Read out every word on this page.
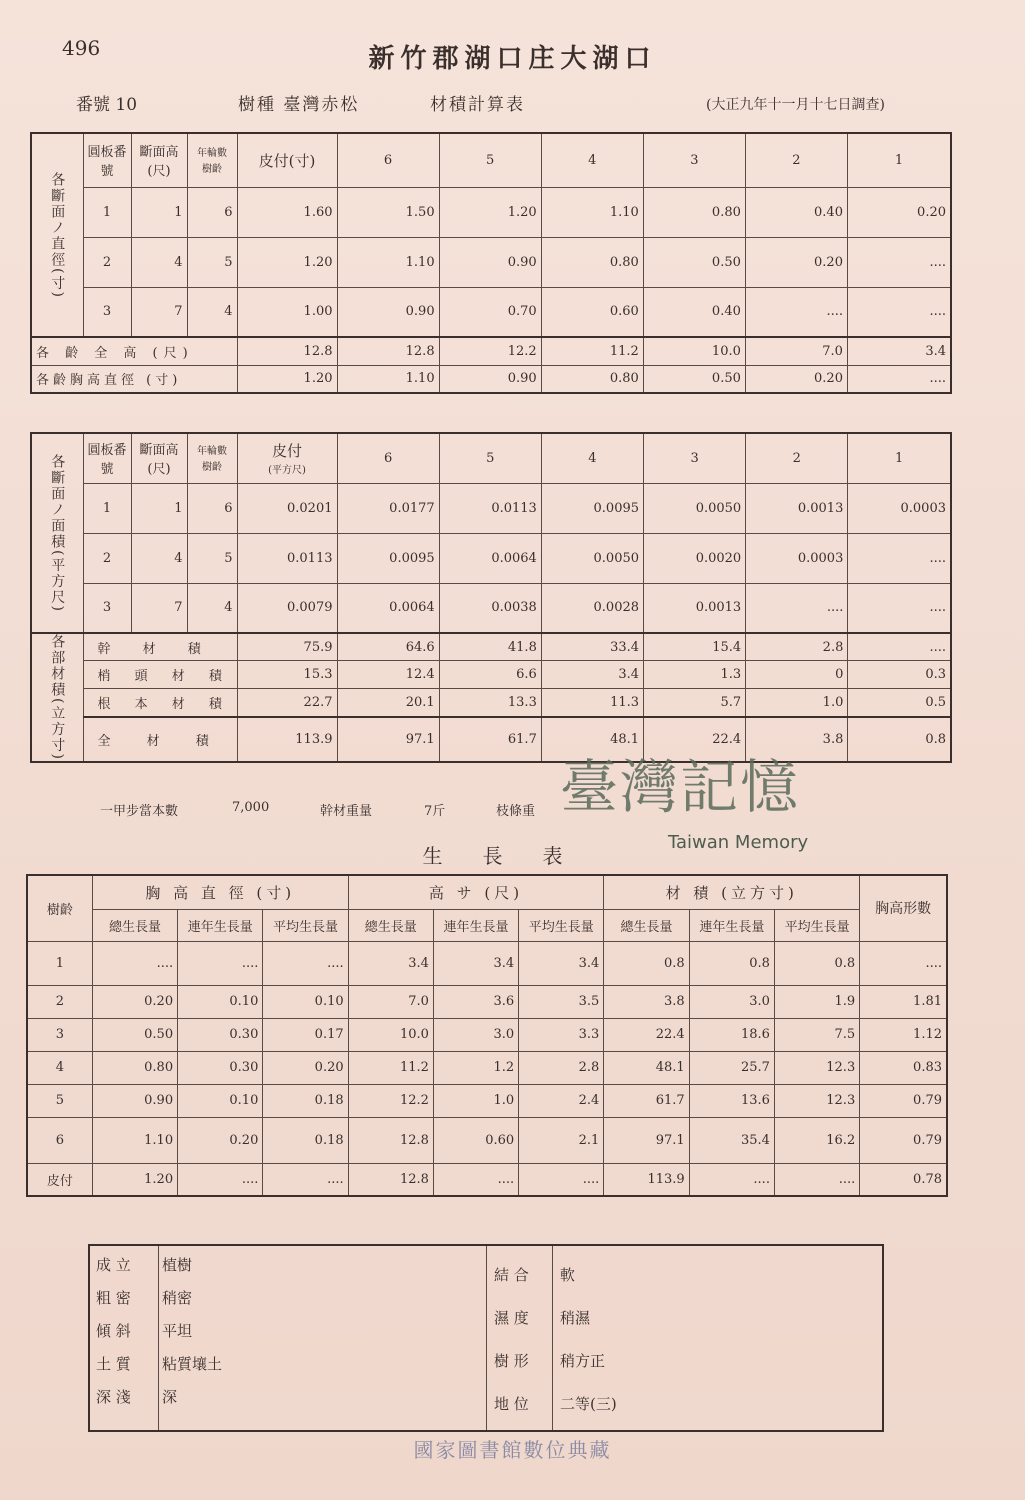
496	新竹郡湖口庄大湖口
番號 10	樹種 臺灣赤松	材積計算表	(大正九年十一月十七日調查)
各斷面ノ直徑(寸)	圓板番號	斷面高(尺)	年輪數
樹齡	皮付(寸)	6	5	4	3	2	1
	1	1	6	1.60	1.50	1.20	1.10	0.80	0.40	0.20
	2	4	5	1.20	1.10	0.90	0.80	0.50	0.20	....
	3	7	4	1.00	0.90	0.70	0.60	0.40	....	....
各 齡 全 高 (尺)				12.8	12.8	12.2	11.2	10.0	7.0	3.4
各齡胸高直徑 (寸)				1.20	1.10	0.90	0.80	0.50	0.20	....
各斷面ノ面積(平方尺)	圓板番號	斷面高(尺)	年輪數
樹齡	皮付
(平方尺)	6	5	4	3	2	1
	1	1	6	0.0201	0.0177	0.0113	0.0095	0.0050	0.0013	0.0003
	2	4	5	0.0113	0.0095	0.0064	0.0050	0.0020	0.0003	....
	3	7	4	0.0079	0.0064	0.0038	0.0028	0.0013	....	....
各部材積(立方寸)	幹 材 積			75.9	64.6	41.8	33.4	15.4	2.8	....
	梢 頭 材 積			15.3	12.4	6.6	3.4	1.3	0	0.3
	根 本 材 積			22.7	20.1	13.3	11.3	5.7	1.0	0.5
	全 材 積			113.9	97.1	61.7	48.1	22.4	3.8	0.8
一甲步當本數	7,000	幹材重量	7斤	枝條重 臺灣記憶
Taiwan Memory
生長表
樹齡	胸 高 直 徑 (寸)			高 サ (尺)			材 積 (立方寸)			胸高形數
	總生長量	連年生長量	平均生長量	總生長量	連年生長量	平均生長量	總生長量	連年生長量	平均生長量	
1	....	....	....	3.4	3.4	3.4	0.8	0.8	0.8	....
2	0.20	0.10	0.10	7.0	3.6	3.5	3.8	3.0	1.9	1.81
3	0.50	0.30	0.17	10.0	3.0	3.3	22.4	18.6	7.5	1.12
4	0.80	0.30	0.20	11.2	1.2	2.8	48.1	25.7	12.3	0.83
5	0.90	0.10	0.18	12.2	1.0	2.4	61.7	13.6	12.3	0.79
6	1.10	0.20	0.18	12.8	0.60	2.1	97.1	35.4	16.2	0.79
皮付	1.20	....	....	12.8	....	....	113.9	....	....	0.78
成 立 植樹
粗 密 稍密
傾 斜 平坦
土 質 粘質壤土
深 淺 深
結 合 軟
濕 度 稍濕
樹 形 稍方正
地 位 二等(三)
國家圖書館數位典藏
